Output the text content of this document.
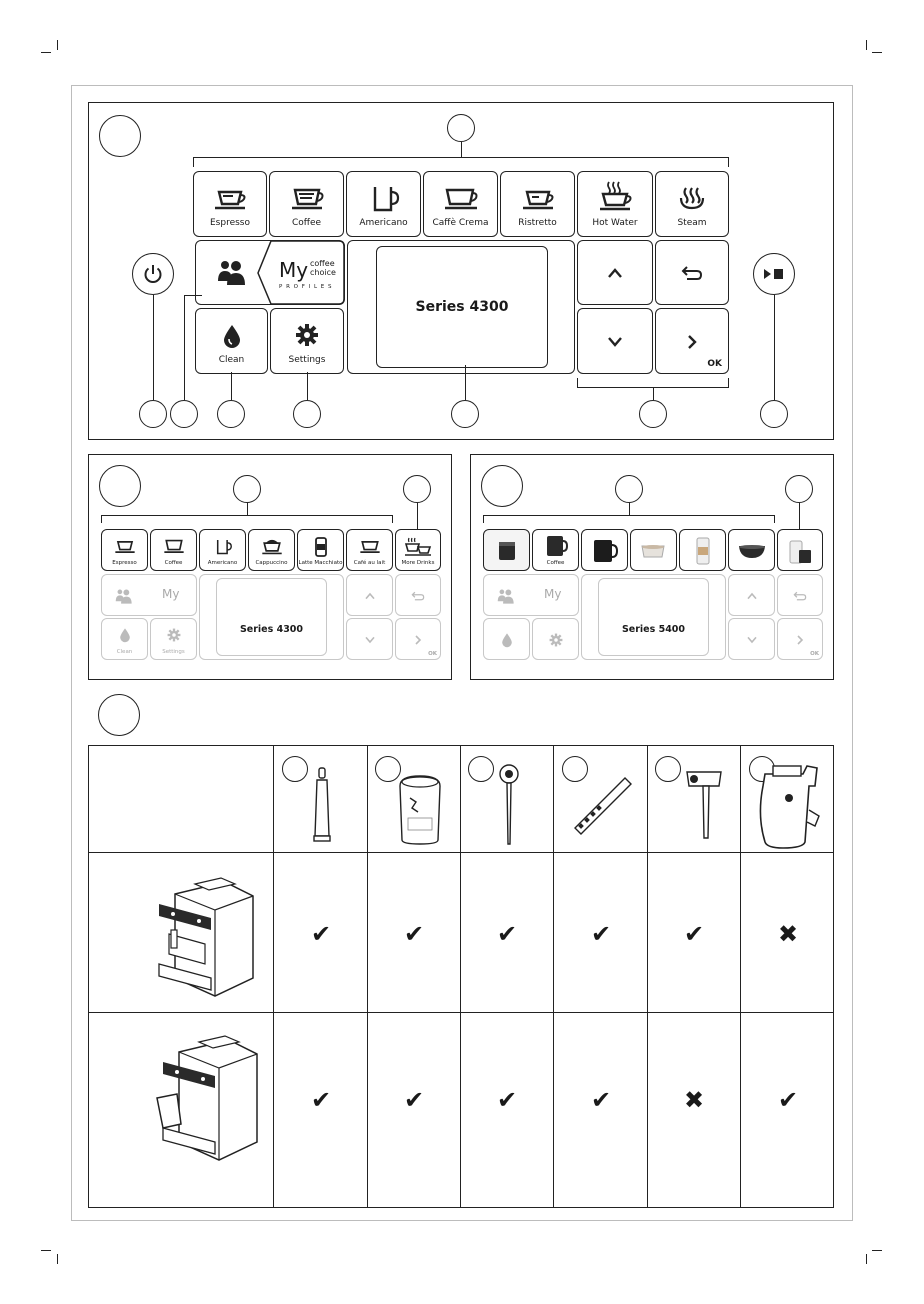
Espresso	Coffee	Americano	Caffè Crema	Ristretto	Hot Water	Steam
My coffee
choice
P R O F I L E S
Clean	Settings
Series 4300
OK
Espresso	Coffee	Americano	Cappuccino	Latte Macchiato	Café au lait	More Drinks
My
Clean	Settings	OK
Series 4300
Coffee
My
OK
Series 5400
✔	✔	✔	✔	✔	✖
✔	✔	✔	✔	✖	✔
